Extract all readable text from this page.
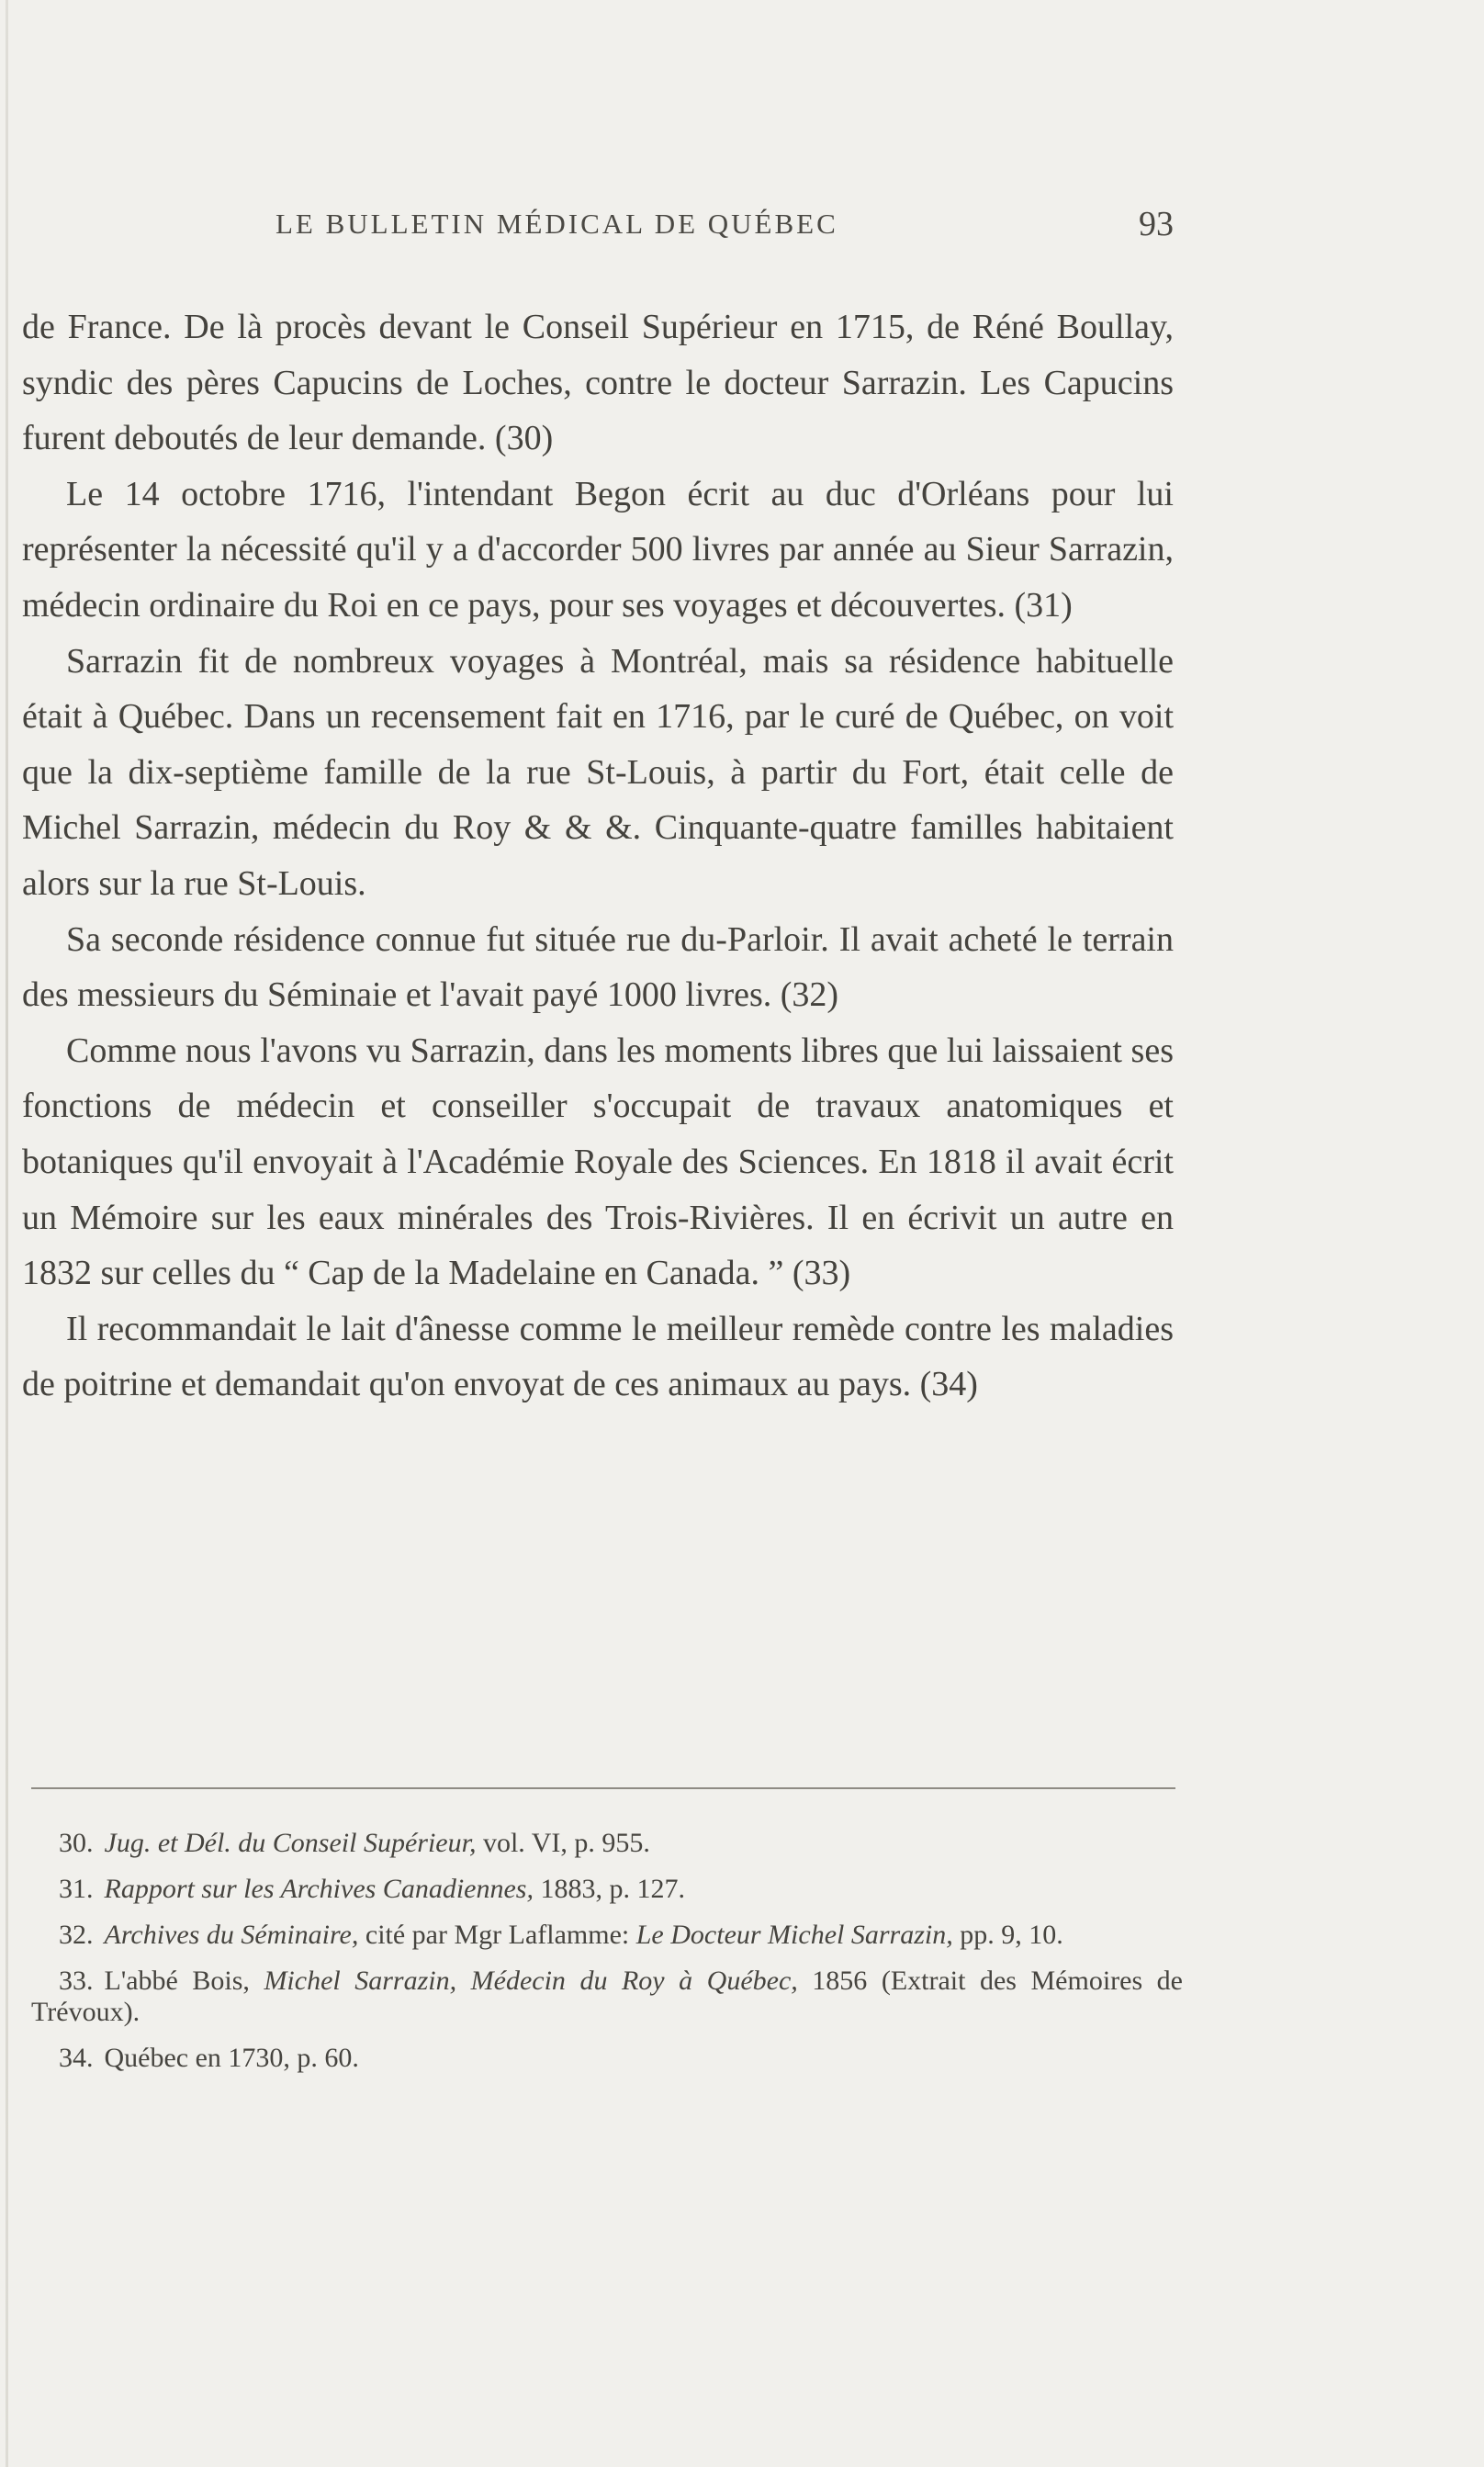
LE BULLETIN MÉDICAL DE QUÉBEC	93

de France. De là procès devant le Conseil Supérieur en 1715, de Réné Boullay, syndic des pères Capucins de Loches, contre le docteur Sarrazin. Les Capucins furent deboutés de leur demande. (30)

Le 14 octobre 1716, l'intendant Begon écrit au duc d'Orléans pour lui représenter la nécessité qu'il y a d'accorder 500 livres par année au Sieur Sarrazin, médecin ordinaire du Roi en ce pays, pour ses voyages et découvertes. (31)

Sarrazin fit de nombreux voyages à Montréal, mais sa résidence habituelle était à Québec. Dans un recensement fait en 1716, par le curé de Québec, on voit que la dix-septième famille de la rue St-Louis, à partir du Fort, était celle de Michel Sarrazin, médecin du Roy & & &. Cinquante-quatre familles habitaient alors sur la rue St-Louis.

Sa seconde résidence connue fut située rue du-Parloir. Il avait acheté le terrain des messieurs du Séminaie et l'avait payé 1000 livres. (32)

Comme nous l'avons vu Sarrazin, dans les moments libres que lui laissaient ses fonctions de médecin et conseiller s'occupait de travaux anatomiques et botaniques qu'il envoyait à l'Académie Royale des Sciences. En 1818 il avait écrit un Mémoire sur les eaux minérales des Trois-Rivières. Il en écrivit un autre en 1832 sur celles du “ Cap de la Madelaine en Canada. ” (33)

Il recommandait le lait d'ânesse comme le meilleur remède contre les maladies de poitrine et demandait qu'on envoyat de ces animaux au pays. (34)

30. Jug. et Dél. du Conseil Supérieur, vol. VI, p. 955.

31. Rapport sur les Archives Canadiennes, 1883, p. 127.

32. Archives du Séminaire, cité par Mgr Laflamme: Le Docteur Michel Sarrazin, pp. 9, 10.

33. L'abbé Bois, Michel Sarrazin, Médecin du Roy à Québec, 1856 (Extrait des Mémoires de Trévoux).

34. Québec en 1730, p. 60.
